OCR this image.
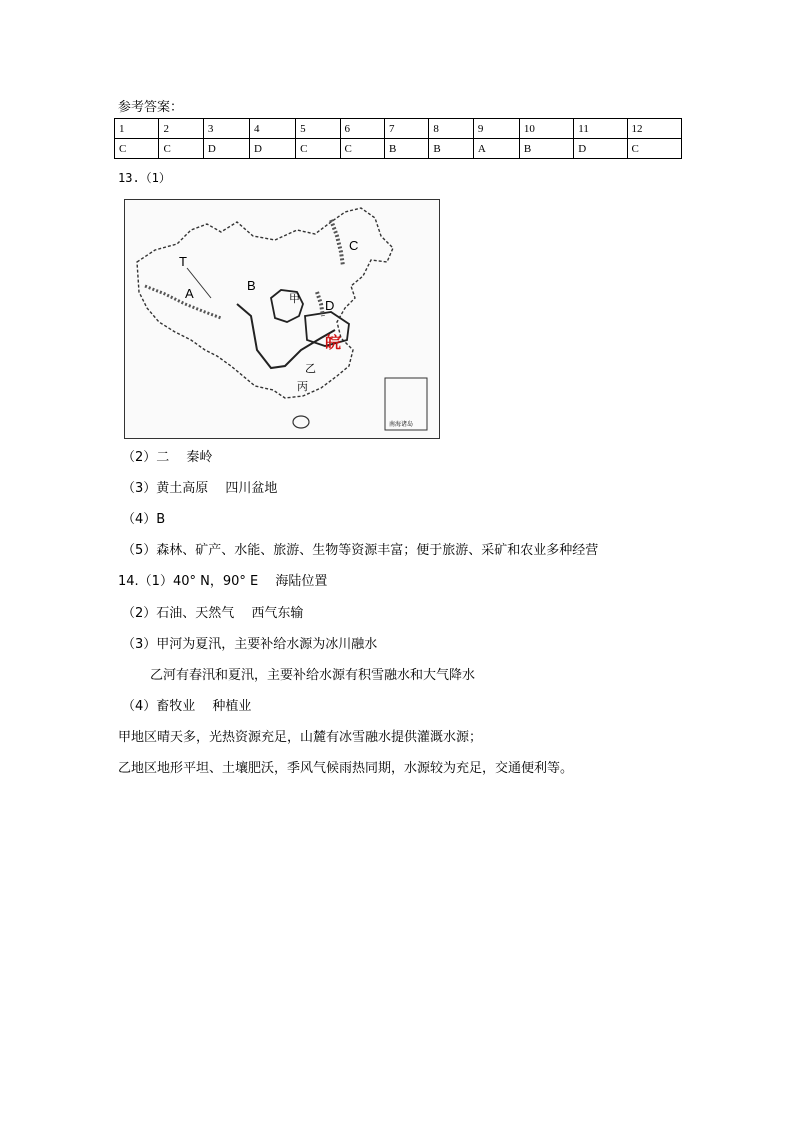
参考答案：
1	2	3	4	5	6	7	8	9	10	11	12
C	C	D	D	C	C	B	B	A	B	D	C
13.（1）
T
A
B
C
D
甲
乙
丙
皖
南海诸岛
（2）二　 秦岭
（3）黄土高原　 四川盆地
（4）B
（5）森林、矿产、水能、旅游、生物等资源丰富；便于旅游、采矿和农业多种经营
14.（1）40° N，90° E　 海陆位置
（2）石油、天然气　 西气东输
（3）甲河为夏汛，主要补给水源为冰川融水
乙河有春汛和夏汛，主要补给水源有积雪融水和大气降水
（4）畜牧业　 种植业
甲地区晴天多，光热资源充足，山麓有冰雪融水提供灌溉水源；
乙地区地形平坦、土壤肥沃，季风气候雨热同期，水源较为充足，交通便利等。
